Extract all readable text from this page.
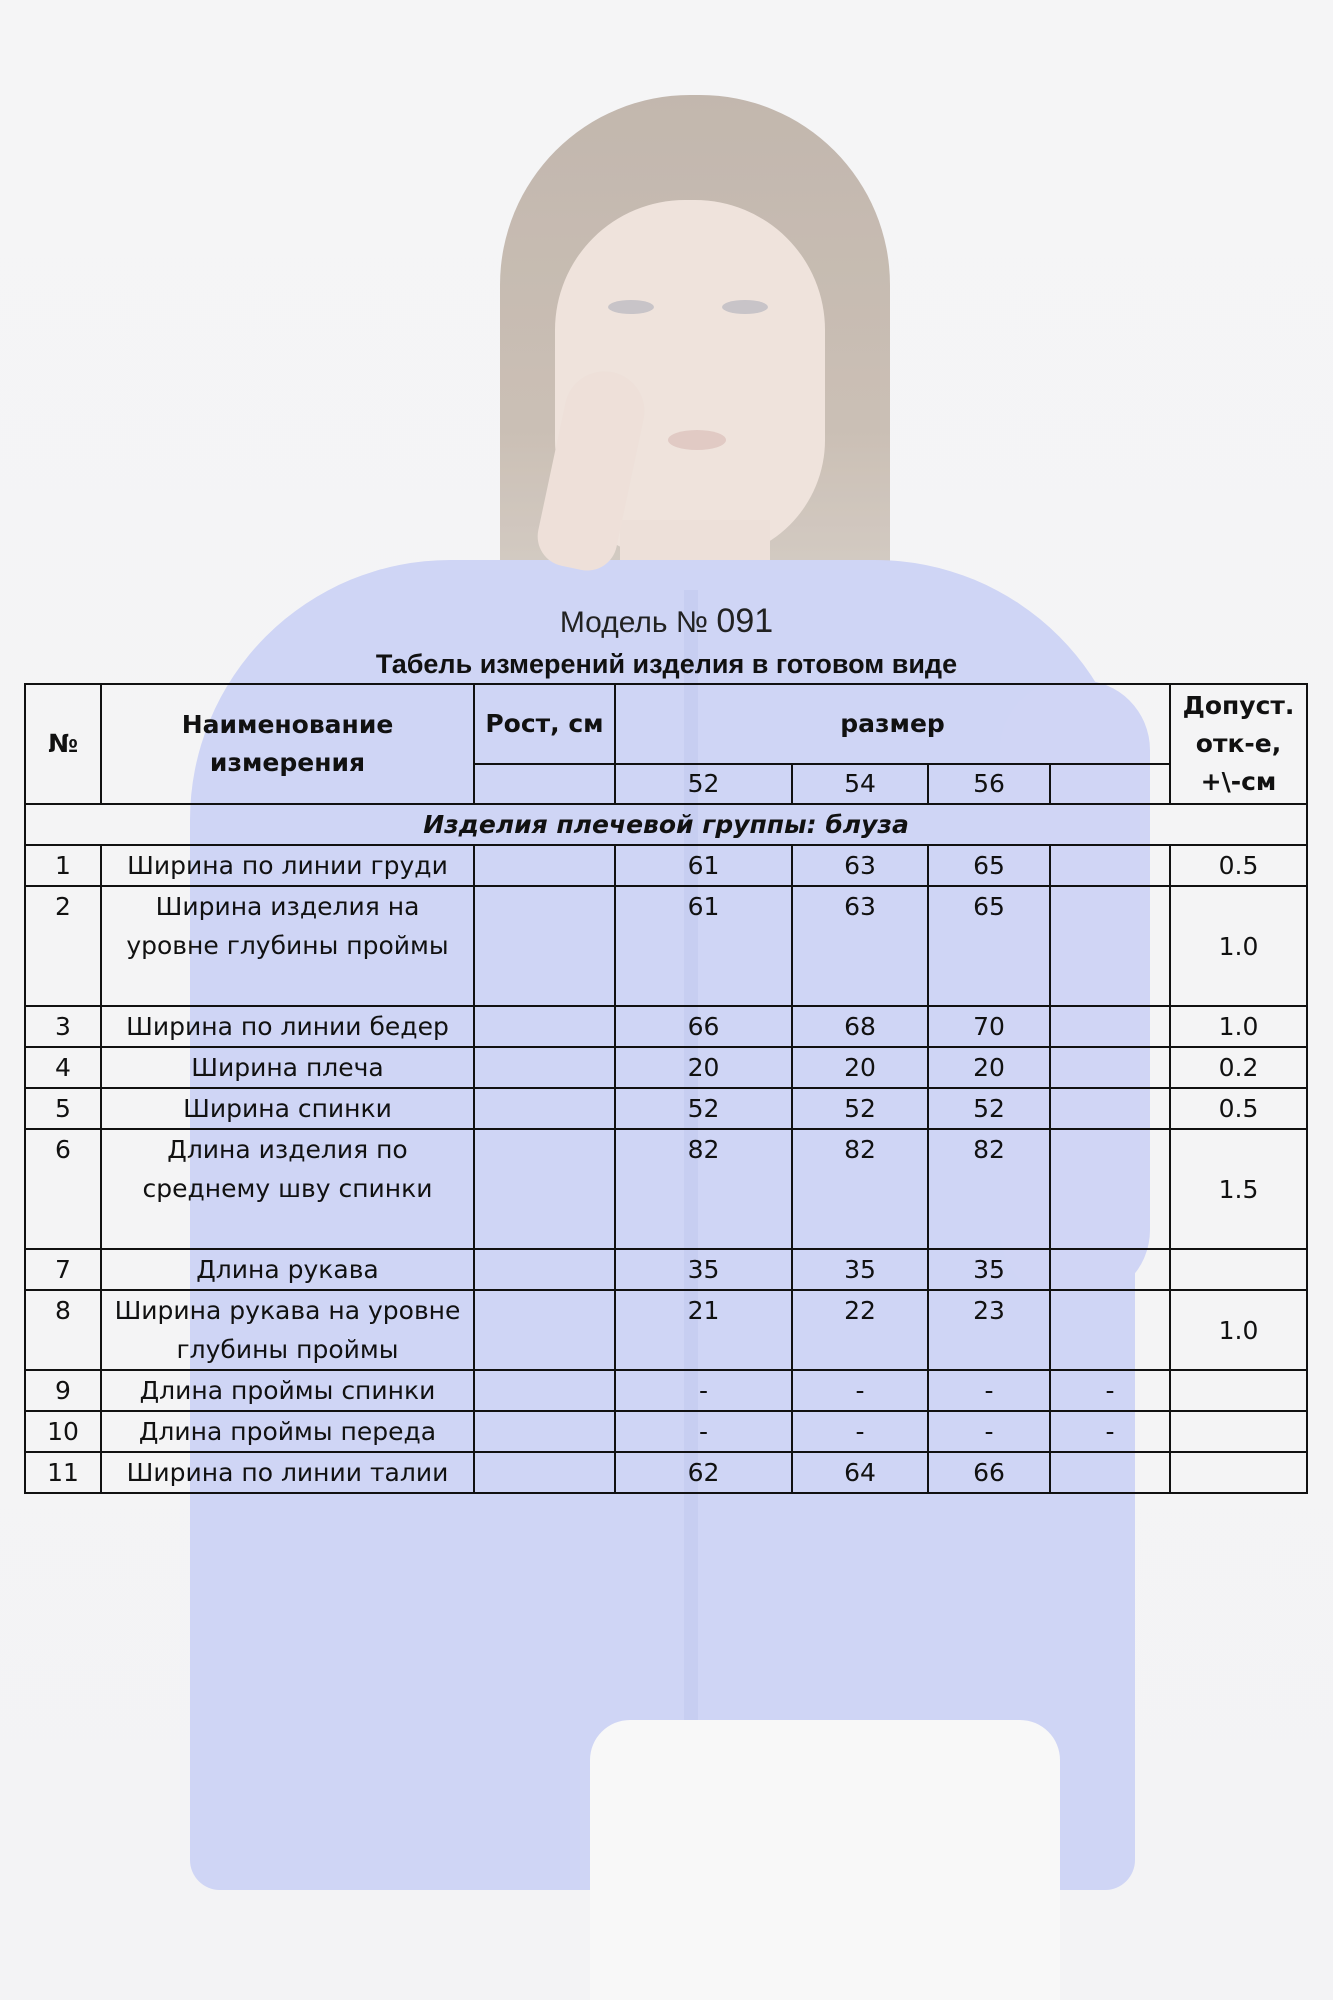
Модель № 091
Табель измерений изделия в готовом виде
№	Наименование измерения	Рост, см	размер				Допуст. отк-е, +\-см
			52	54	56		
Изделия плечевой группы: блуза							
1	Ширина по линии груди		61	63	65		0.5
2	Ширина изделия на уровне глубины проймы		61	63	65		1.0
3	Ширина по линии бедер		66	68	70		1.0
4	Ширина плеча		20	20	20		0.2
5	Ширина спинки		52	52	52		0.5
6	Длина изделия по среднему шву спинки		82	82	82		1.5
7	Длина рукава		35	35	35		
8	Ширина рукава на уровне глубины проймы		21	22	23		1.0
9	Длина проймы спинки		-	-	-	-	
10	Длина проймы переда		-	-	-	-	
11	Ширина по линии талии		62	64	66		
